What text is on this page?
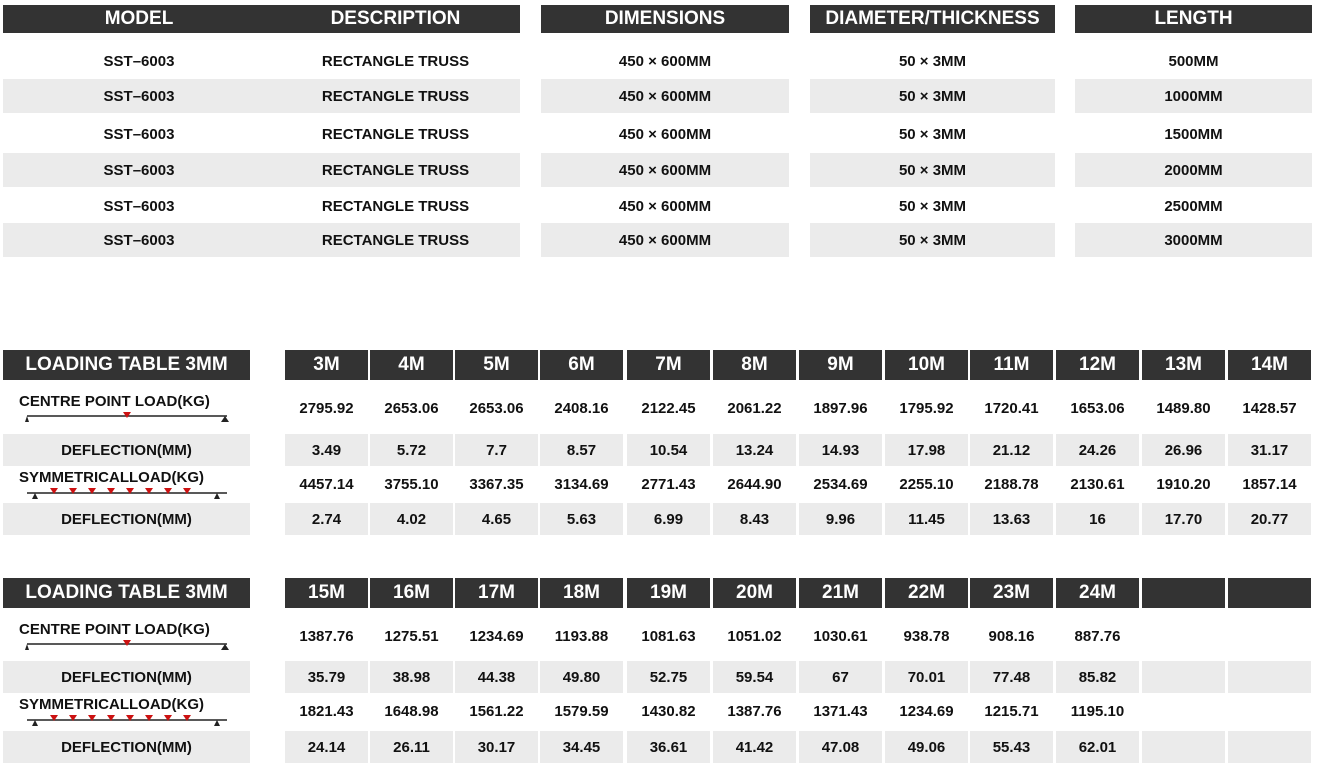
MODEL	DESCRIPTION	DIMENSIONS	DIAMETER/THICKNESS	LENGTH
SST–6003	RECTANGLE TRUSS	450 × 600MM	50 × 3MM	500MM
SST–6003	RECTANGLE TRUSS	450 × 600MM	50 × 3MM	1000MM
SST–6003	RECTANGLE TRUSS	450 × 600MM	50 × 3MM	1500MM
SST–6003	RECTANGLE TRUSS	450 × 600MM	50 × 3MM	2000MM
SST–6003	RECTANGLE TRUSS	450 × 600MM	50 × 3MM	2500MM
SST–6003	RECTANGLE TRUSS	450 × 600MM	50 × 3MM	3000MM
LOADING TABLE 3MM	3M	4M	5M	6M	7M	8M	9M	10M	11M	12M	13M	14M
CENTRE POINT LOAD(KG)	2795.92	2653.06	2653.06	2408.16	2122.45	2061.22	1897.96	1795.92	1720.41	1653.06	1489.80	1428.57
DEFLECTION(MM)	3.49	5.72	7.7	8.57	10.54	13.24	14.93	17.98	21.12	24.26	26.96	31.17
SYMMETRICALLOAD(KG)	4457.14	3755.10	3367.35	3134.69	2771.43	2644.90	2534.69	2255.10	2188.78	2130.61	1910.20	1857.14
DEFLECTION(MM)	2.74	4.02	4.65	5.63	6.99	8.43	9.96	11.45	13.63	16	17.70	20.77
LOADING TABLE 3MM	15M	16M	17M	18M	19M	20M	21M	22M	23M	24M
CENTRE POINT LOAD(KG)	1387.76	1275.51	1234.69	1193.88	1081.63	1051.02	1030.61	938.78	908.16	887.76
DEFLECTION(MM)	35.79	38.98	44.38	49.80	52.75	59.54	67	70.01	77.48	85.82
SYMMETRICALLOAD(KG)	1821.43	1648.98	1561.22	1579.59	1430.82	1387.76	1371.43	1234.69	1215.71	1195.10
DEFLECTION(MM)	24.14	26.11	30.17	34.45	36.61	41.42	47.08	49.06	55.43	62.01
